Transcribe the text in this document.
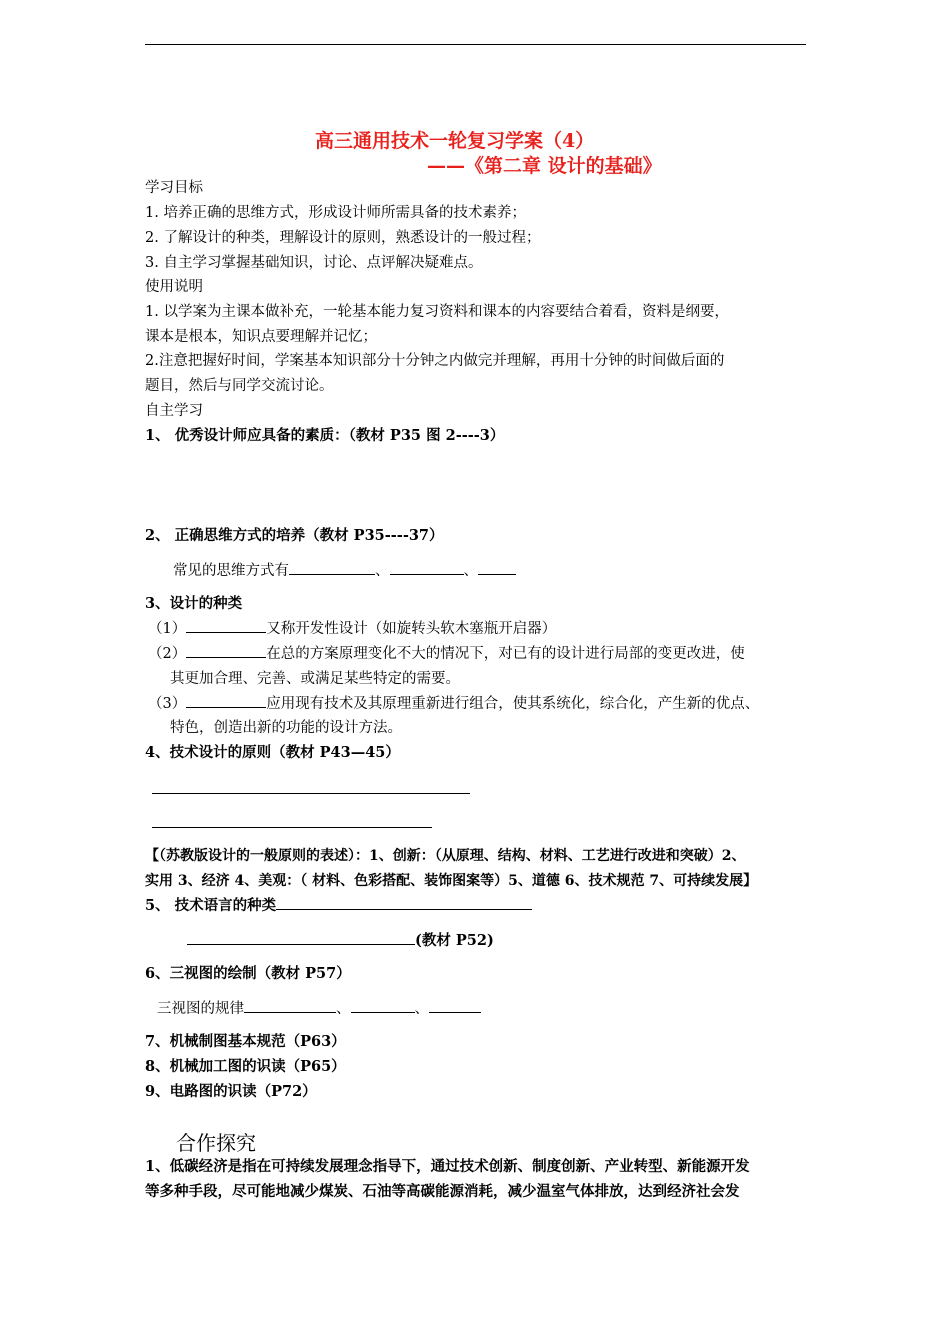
高三通用技术一轮复习学案（4）
——《第二章 设计的基础》
学习目标
1. 培养正确的思维方式，形成设计师所需具备的技术素养；
2. 了解设计的种类，理解设计的原则，熟悉设计的一般过程；
3. 自主学习掌握基础知识，讨论、点评解决疑难点。
使用说明
1. 以学案为主课本做补充，一轮基本能力复习资料和课本的内容要结合着看，资料是纲要，
课本是根本，知识点要理解并记忆；
2.注意把握好时间，学案基本知识部分十分钟之内做完并理解，再用十分钟的时间做后面的
题目，然后与同学交流讨论。
自主学习
1、 优秀设计师应具备的素质：（教材 P35 图 2----3）
2、 正确思维方式的培养（教材 P35----37）
常见的思维方式有	、	、
3、设计的种类
（1）	又称开发性设计（如旋转头软木塞瓶开启器）
（2）	在总的方案原理变化不大的情况下，对已有的设计进行局部的变更改进，使
其更加合理、完善、或满足某些特定的需要。
（3）	应用现有技术及其原理重新进行组合，使其系统化，综合化，产生新的优点、
特色，创造出新的功能的设计方法。
4、技术设计的原则（教材 P43—45）
【（苏教版设计的一般原则的表述）：1、创新：（从原理、结构、材料、工艺进行改进和突破）2、
实用 3、经济 4、美观：（ 材料、色彩搭配、装饰图案等）5、道德 6、技术规范 7、可持续发展】
5、 技术语言的种类
(教材 P52)
6、三视图的绘制（教材 P57）
三视图的规律	、	、
7、机械制图基本规范（P63）
8、机械加工图的识读（P65）
9、电路图的识读（P72）
合作探究
1、低碳经济是指在可持续发展理念指导下，通过技术创新、制度创新、产业转型、新能源开发
等多种手段，尽可能地减少煤炭、石油等高碳能源消耗，减少温室气体排放，达到经济社会发
